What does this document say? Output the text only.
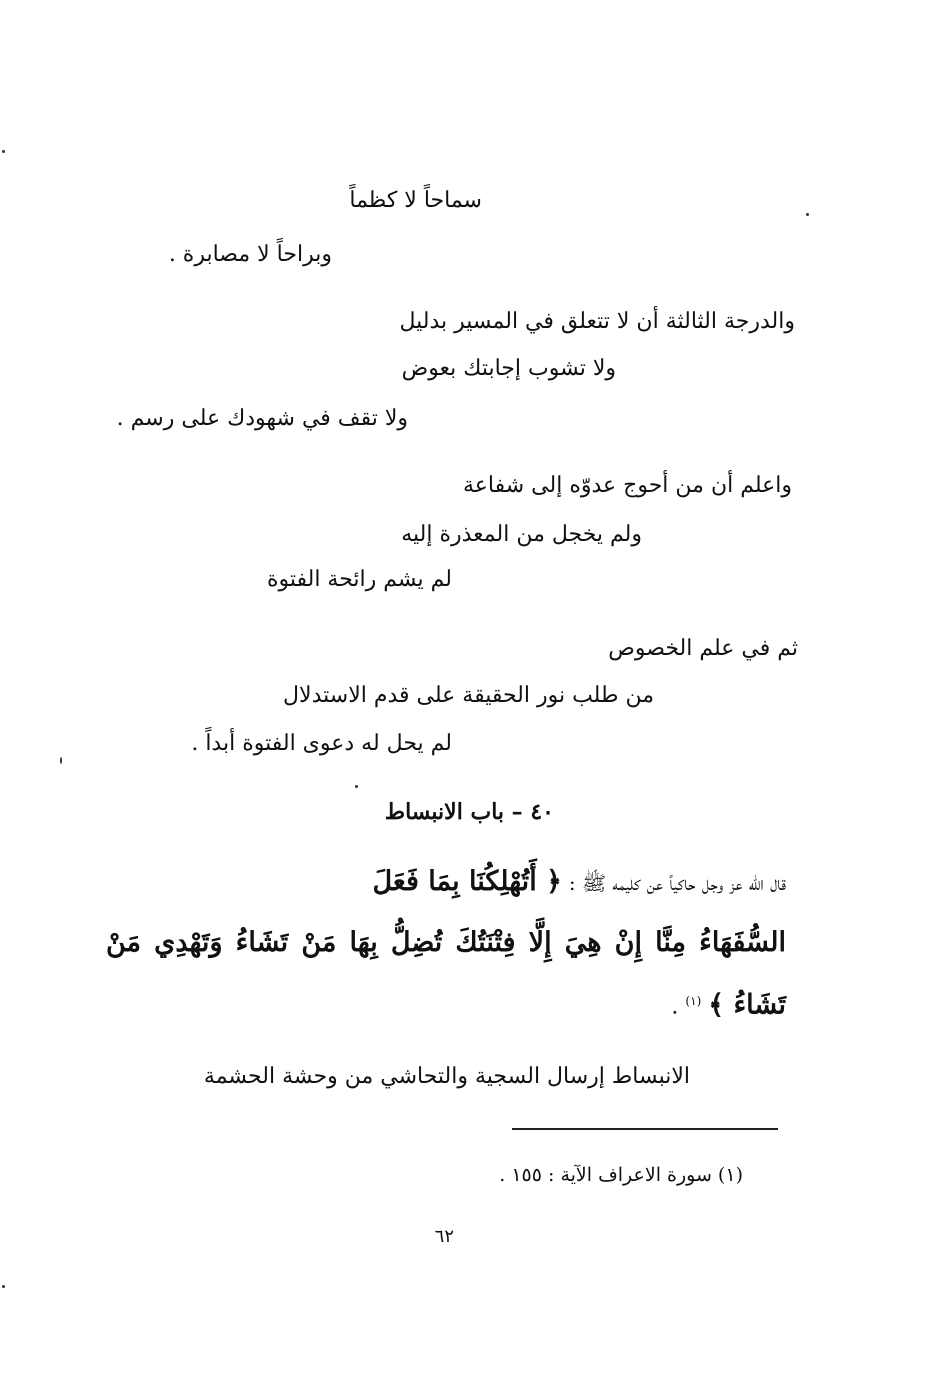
سماحاً لا كظماً
وبراحاً لا مصابرة .
والدرجة الثالثة أن لا تتعلق في المسير بدليل
ولا تشوب إجابتك بعوض
ولا تقف في شهودك على رسم .
واعلم أن من أحوج عدوّه إلى شفاعة
ولم يخجل من المعذرة إليه
لم يشم رائحة الفتوة
ثم في علم الخصوص
من طلب نور الحقيقة على قدم الاستدلال
لم يحل له دعوى الفتوة أبداً .
٤٠ – باب الانبساط
قال الله عز وجل حاكياً عن كليمه ﷺ : ﴿ أَتُهْلِكُنَا بِمَا فَعَلَ
السُّفَهَاءُ مِنَّا إِنْ هِيَ إِلَّا فِتْنَتُكَ تُضِلُّ بِهَا مَنْ تَشَاءُ وَتَهْدِي مَنْ
تَشَاءُ ﴾ $^{(١)}$ .
الانبساط إرسال السجية والتحاشي من وحشة الحشمة
(١) سورة الاعراف الآية : ١٥٥ .
٦٢
